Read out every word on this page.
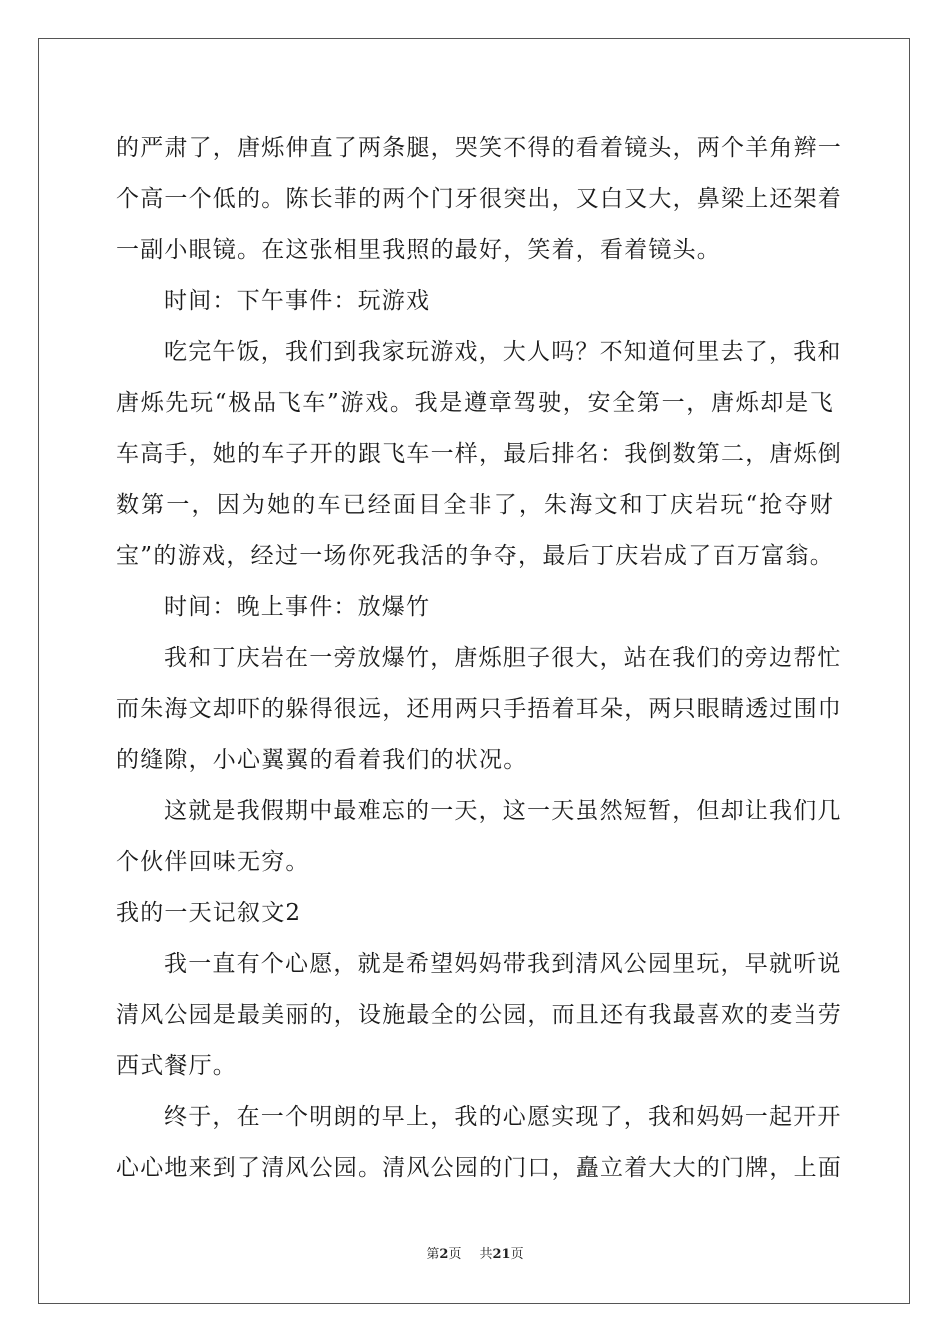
的严肃了，唐烁伸直了两条腿，哭笑不得的看着镜头，两个羊角辫一
个高一个低的。陈长菲的两个门牙很突出，又白又大，鼻梁上还架着
一副小眼镜。在这张相里我照的最好，笑着，看着镜头。
时间：下午事件：玩游戏
吃完午饭，我们到我家玩游戏，大人吗？不知道何里去了，我和
唐烁先玩“极品飞车”游戏。我是遵章驾驶，安全第一，唐烁却是飞
车高手，她的车子开的跟飞车一样，最后排名：我倒数第二，唐烁倒
数第一，因为她的车已经面目全非了，朱海文和丁庆岩玩“抢夺财
宝”的游戏，经过一场你死我活的争夺，最后丁庆岩成了百万富翁。
时间：晚上事件：放爆竹
我和丁庆岩在一旁放爆竹，唐烁胆子很大，站在我们的旁边帮忙
而朱海文却吓的躲得很远，还用两只手捂着耳朵，两只眼睛透过围巾
的缝隙，小心翼翼的看着我们的状况。
这就是我假期中最难忘的一天，这一天虽然短暂，但却让我们几
个伙伴回味无穷。
我的一天记叙文2
我一直有个心愿，就是希望妈妈带我到清风公园里玩，早就听说
清风公园是最美丽的，设施最全的公园，而且还有我最喜欢的麦当劳
西式餐厅。
终于，在一个明朗的早上，我的心愿实现了，我和妈妈一起开开
心心地来到了清风公园。清风公园的门口，矗立着大大的门牌，上面
第2页 共21页
